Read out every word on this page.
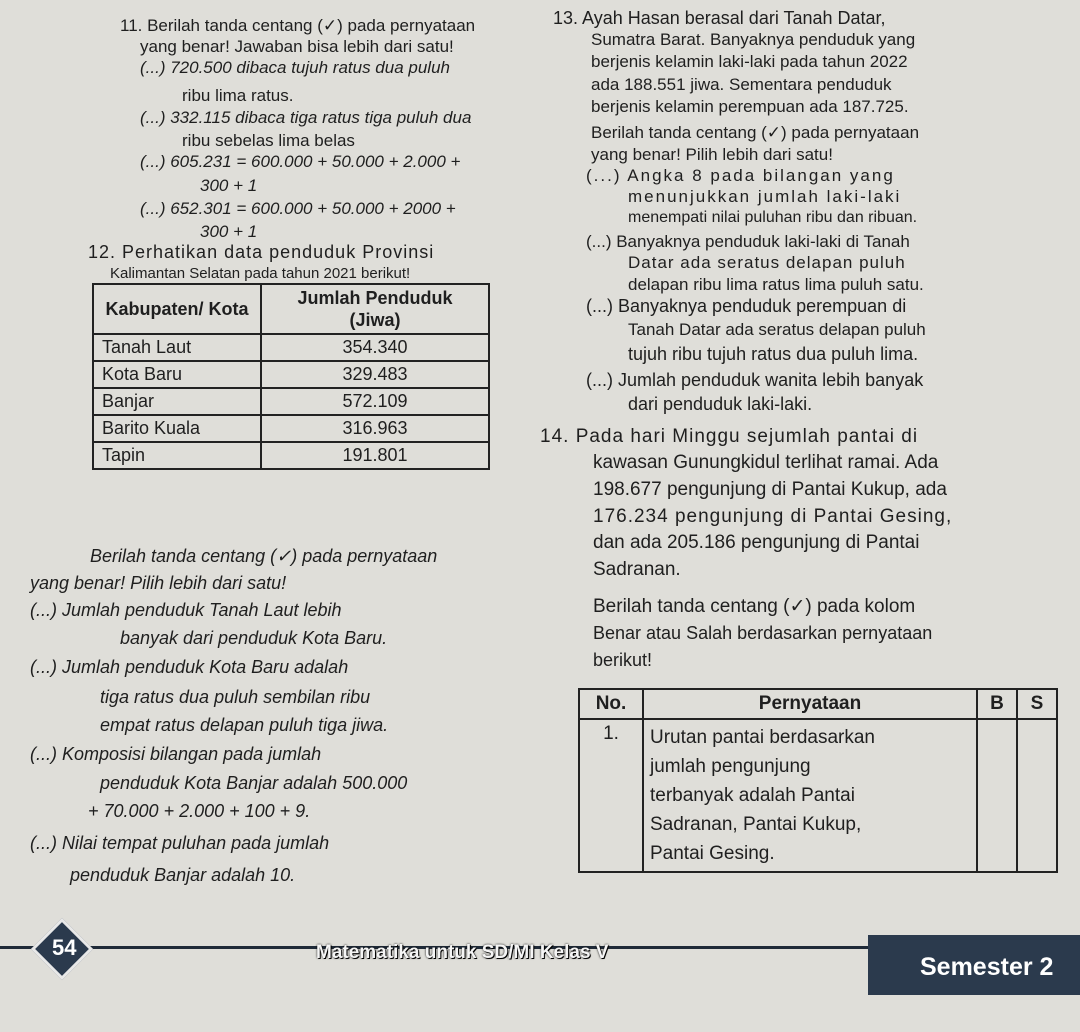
11. Berilah tanda centang (✓) pada pernyataan
yang benar! Jawaban bisa lebih dari satu!
(...) 720.500 dibaca tujuh ratus dua puluh
ribu lima ratus.
(...) 332.115 dibaca tiga ratus tiga puluh dua
ribu sebelas lima belas
(...) 605.231 = 600.000 + 50.000 + 2.000 +
300 + 1
(...) 652.301 = 600.000 + 50.000 + 2000 +
300 + 1
12. Perhatikan data penduduk Provinsi
Kalimantan Selatan pada tahun 2021 berikut!
Kabupaten/ Kota	Jumlah Penduduk (Jiwa)
Tanah Laut	354.340
Kota Baru	329.483
Banjar	572.109
Barito Kuala	316.963
Tapin	191.801
Berilah tanda centang (✓) pada pernyataan
yang benar! Pilih lebih dari satu!
(...) Jumlah penduduk Tanah Laut lebih
banyak dari penduduk Kota Baru.
(...) Jumlah penduduk Kota Baru adalah
tiga ratus dua puluh sembilan ribu
empat ratus delapan puluh tiga jiwa.
(...) Komposisi bilangan pada jumlah
penduduk Kota Banjar adalah 500.000
+ 70.000 + 2.000 + 100 + 9.
(...) Nilai tempat puluhan pada jumlah
penduduk Banjar adalah 10.
13. Ayah Hasan berasal dari Tanah Datar,
Sumatra Barat. Banyaknya penduduk yang
berjenis kelamin laki-laki pada tahun 2022
ada 188.551 jiwa. Sementara penduduk
berjenis kelamin perempuan ada 187.725.
Berilah tanda centang (✓) pada pernyataan
yang benar! Pilih lebih dari satu!
(...) Angka 8 pada bilangan yang
menunjukkan jumlah laki-laki
menempati nilai puluhan ribu dan ribuan.
(...) Banyaknya penduduk laki-laki di Tanah
Datar ada seratus delapan puluh
delapan ribu lima ratus lima puluh satu.
(...) Banyaknya penduduk perempuan di
Tanah Datar ada seratus delapan puluh
tujuh ribu tujuh ratus dua puluh lima.
(...) Jumlah penduduk wanita lebih banyak
dari penduduk laki-laki.
14. Pada hari Minggu sejumlah pantai di
kawasan Gunungkidul terlihat ramai. Ada
198.677 pengunjung di Pantai Kukup, ada
176.234 pengunjung di Pantai Gesing,
dan ada 205.186 pengunjung di Pantai
Sadranan.
Berilah tanda centang (✓) pada kolom
Benar atau Salah berdasarkan pernyataan
berikut!
No.	Pernyataan	B	S
1.	Urutan pantai berdasarkan
jumlah pengunjung
terbanyak adalah Pantai
Sadranan, Pantai Kukup,
Pantai Gesing.		

54	Matematika untuk SD/MI Kelas V
Semester 2
